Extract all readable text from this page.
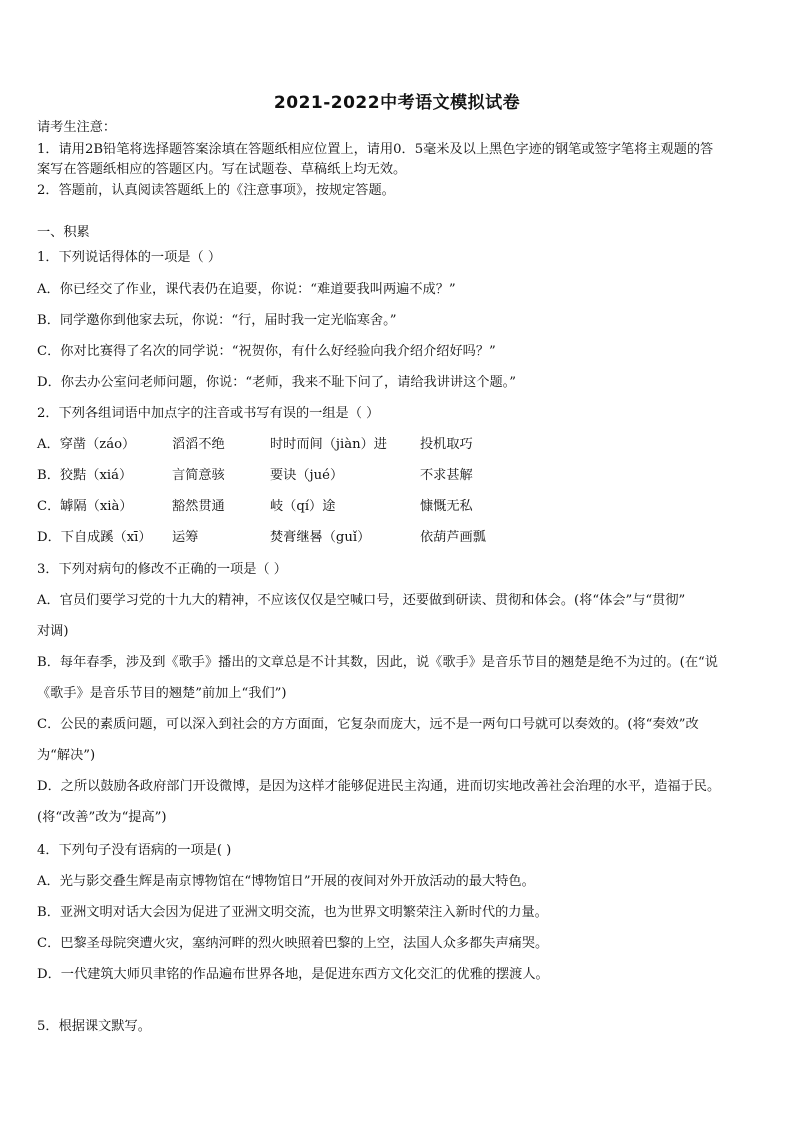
2021-2022中考语文模拟试卷
请考生注意：
1．请用2B铅笔将选择题答案涂填在答题纸相应位置上，请用0．5毫米及以上黑色字迹的钢笔或签字笔将主观题的答
案写在答题纸相应的答题区内。写在试题卷、草稿纸上均无效。
2．答题前，认真阅读答题纸上的《注意事项》，按规定答题。
一、积累
1．下列说话得体的一项是（ ）
A．你已经交了作业，课代表仍在追要，你说：“难道要我叫两遍不成？”
B．同学邀你到他家去玩，你说：“行，届时我一定光临寒舍。”
C．你对比赛得了名次的同学说：“祝贺你，有什么好经验向我介绍介绍好吗？”
D．你去办公室问老师问题，你说：“老师，我来不耻下问了，请给我讲讲这个题。”
2．下列各组词语中加点字的注音或书写有误的一组是（ ）
A．穿凿（záo）	滔滔不绝	时时而间（jiàn）进	投机取巧
B．狡黠（xiá）	言简意骇	要诀（jué）	不求甚解
C．罅隔（xià）	豁然贯通	岐（qí）途	慷慨无私
D．下自成蹊（xī） 运筹	焚膏继晷（guǐ）	依葫芦画瓢
3．下列对病句的修改不正确的一项是（ ）
A．官员们要学习党的十九大的精神，不应该仅仅是空喊口号，还要做到研读、贯彻和体会。(将“体会”与“贯彻”
对调)
B．每年春季，涉及到《歌手》播出的文章总是不计其数，因此，说《歌手》是音乐节目的翘楚是绝不为过的。(在“说
《歌手》是音乐节目的翘楚”前加上“我们”)
C．公民的素质问题，可以深入到社会的方方面面，它复杂而庞大，远不是一两句口号就可以奏效的。(将“奏效”改
为“解决”)
D．之所以鼓励各政府部门开设微博，是因为这样才能够促进民主沟通，进而切实地改善社会治理的水平，造福于民。
(将“改善”改为“提高”)
4．下列句子没有语病的一项是( )
A．光与影交叠生辉是南京博物馆在“博物馆日”开展的夜间对外开放活动的最大特色。
B．亚洲文明对话大会因为促进了亚洲文明交流，也为世界文明繁荣注入新时代的力量。
C．巴黎圣母院突遭火灾，塞纳河畔的烈火映照着巴黎的上空，法国人众多都失声痛哭。
D．一代建筑大师贝聿铭的作品遍布世界各地，是促进东西方文化交汇的优雅的摆渡人。
5．根据课文默写。
